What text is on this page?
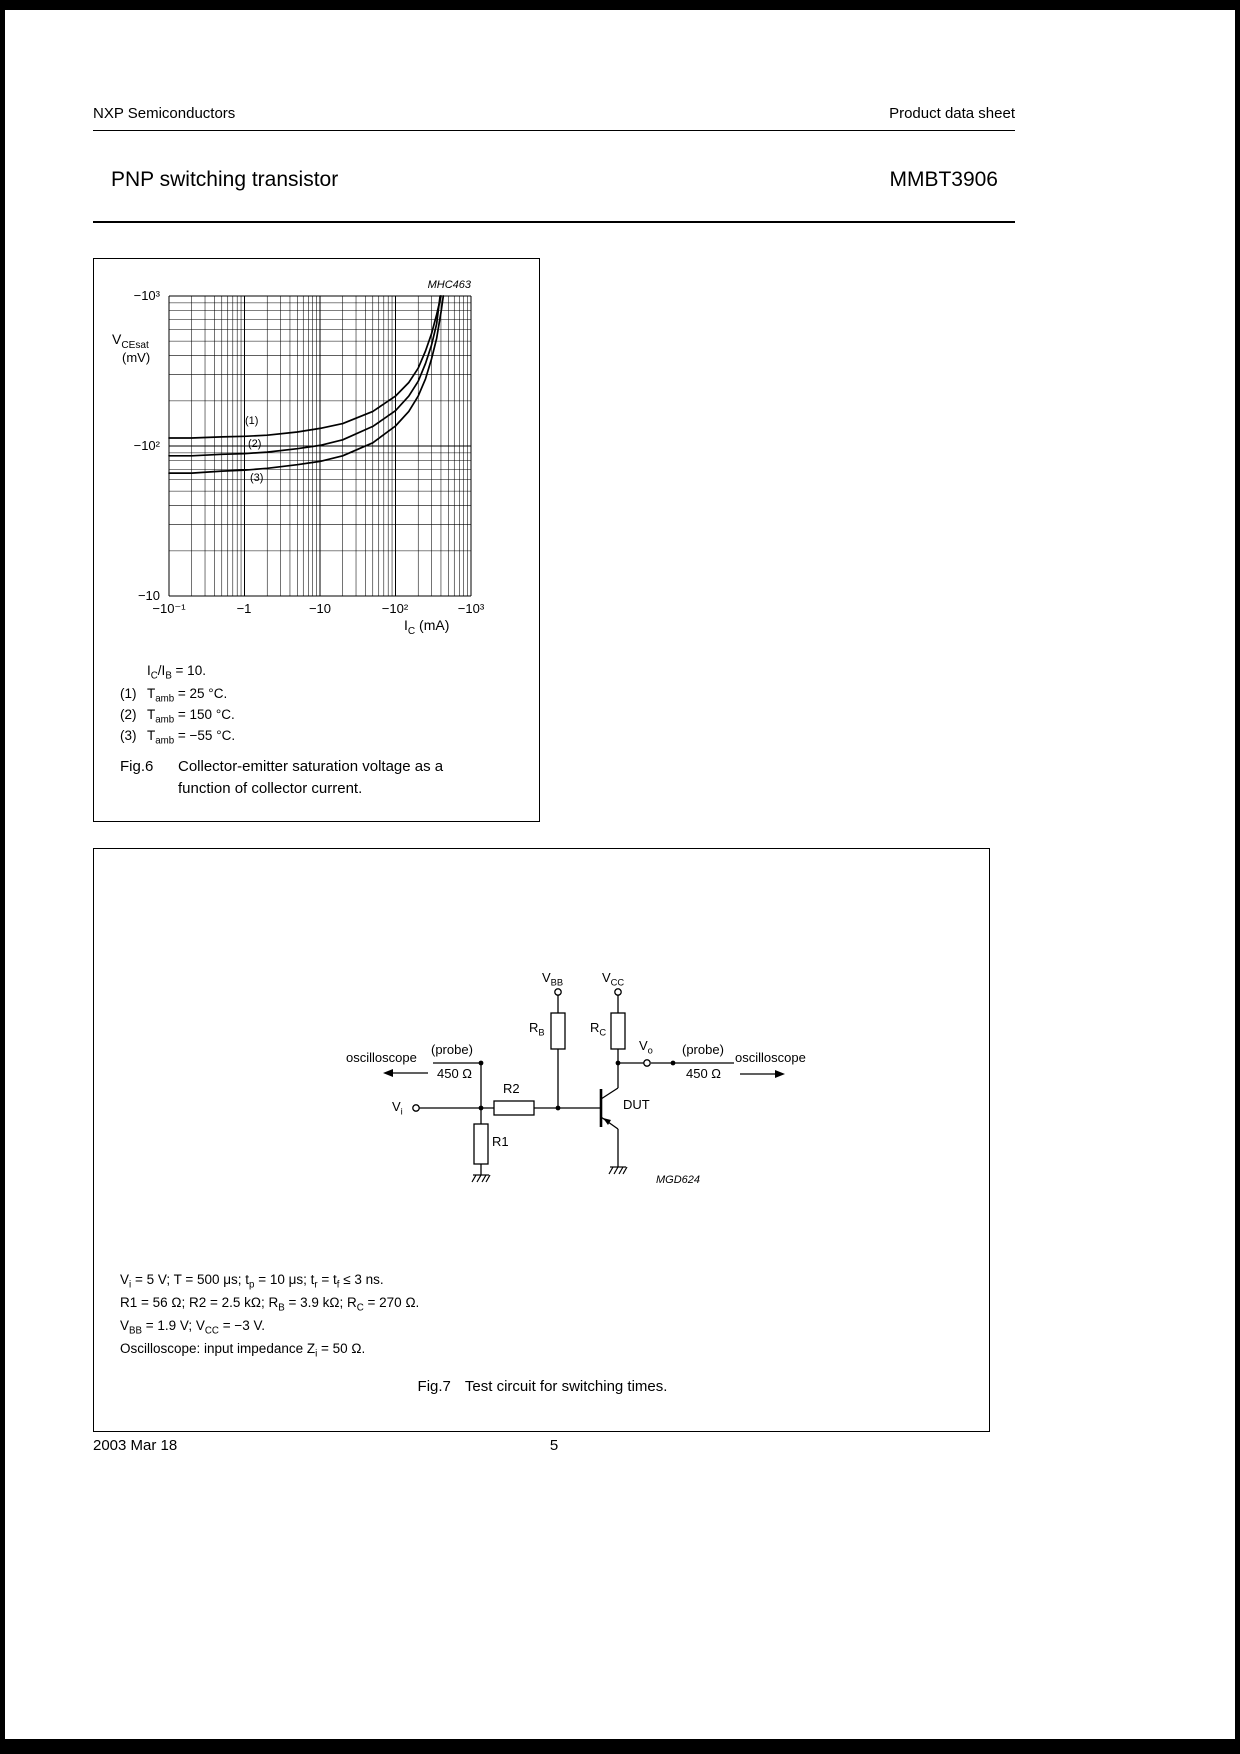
NXP Semiconductors	Product data sheet
PNP switching transistor	MMBT3906
MHC463
$V_{CEsat}$
(mV)
−10³
−10²
−10
−10⁻¹	−1	−10	−10²	−10³
$I_C$ (mA)
(1)
(2)
(3)
$I_C/I_B = 10$.
(1) $T_{amb} = 25$ °C.
(2) $T_{amb} = 150$ °C.
(3) $T_{amb} = -55$ °C.
Fig.6	Collector-emitter saturation voltage as a
function of collector current.
oscilloscope
(probe)
450 Ω
$V_i$
R2
R1
$R_B$	$R_C$
$V_{BB}$	$V_{CC}$
$V_o$ (probe)
450 Ω
oscilloscope
DUT
MGD624
$V_i = 5$ V; T = 500 μs; $t_p = 10$ μs; $t_r = t_f \le 3$ ns.
R1 = 56 Ω; R2 = 2.5 kΩ; $R_B = 3.9$ kΩ; $R_C = 270$ Ω.
$V_{BB} = 1.9$ V; $V_{CC} = -3$ V.
Oscilloscope: input impedance $Z_i = 50$ Ω.
Fig.7 Test circuit for switching times.
2003 Mar 18	5
